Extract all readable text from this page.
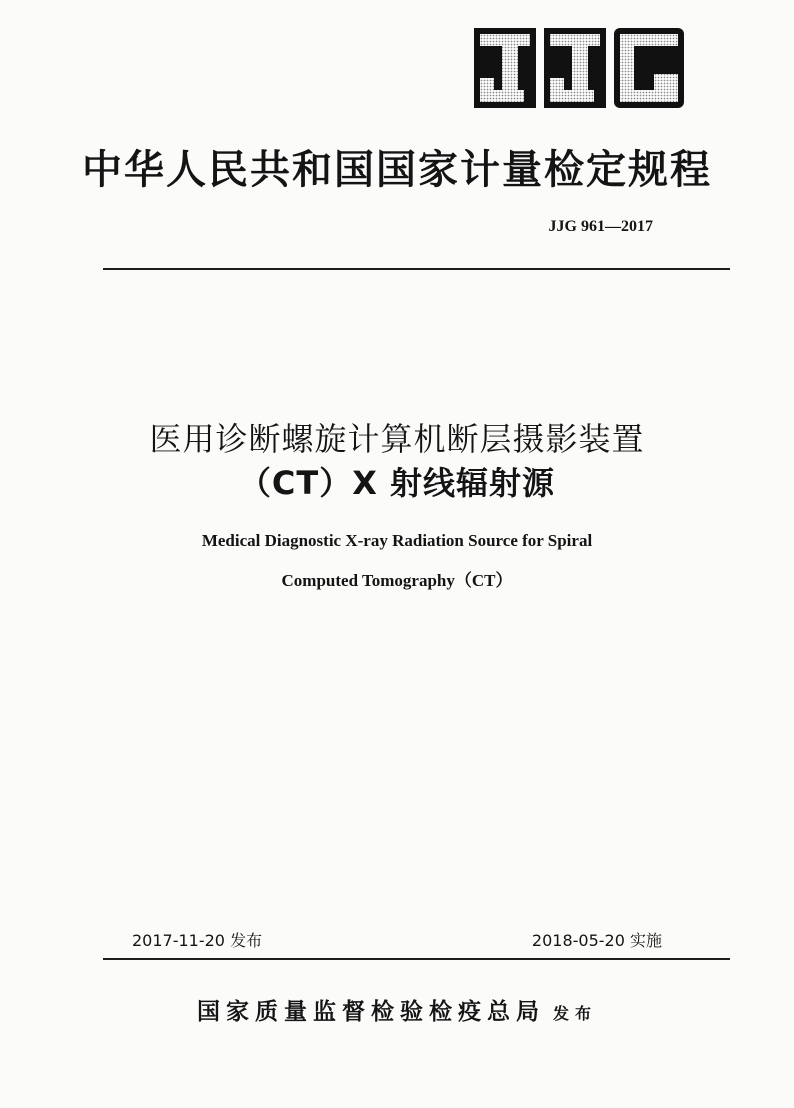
中华人民共和国国家计量检定规程
JJG 961—2017
医用诊断螺旋计算机断层摄影装置
（CT）X 射线辐射源
Medical Diagnostic X-ray Radiation Source for Spiral
Computed Tomography（CT）
2017-11-20 发布	2018-05-20 实施
国家质量监督检验检疫总局 发布
